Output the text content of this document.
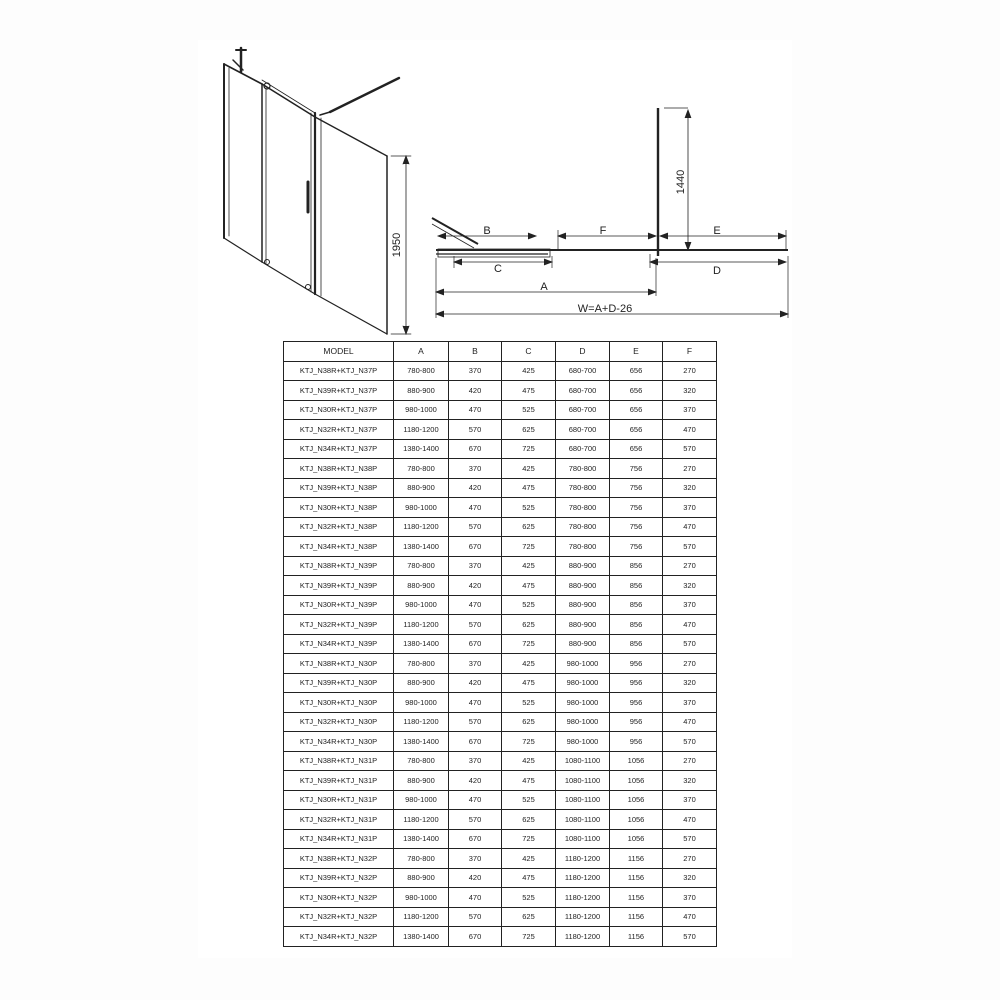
1950
1440
B
C
F	E
D
A
W=A+D-26
MODEL	A	B	C	D	E	F
KTJ_N38R+KTJ_N37P	780-800	370	425	680-700	656	270
KTJ_N39R+KTJ_N37P	880-900	420	475	680-700	656	320
KTJ_N30R+KTJ_N37P	980-1000	470	525	680-700	656	370
KTJ_N32R+KTJ_N37P	1180-1200	570	625	680-700	656	470
KTJ_N34R+KTJ_N37P	1380-1400	670	725	680-700	656	570
KTJ_N38R+KTJ_N38P	780-800	370	425	780-800	756	270
KTJ_N39R+KTJ_N38P	880-900	420	475	780-800	756	320
KTJ_N30R+KTJ_N38P	980-1000	470	525	780-800	756	370
KTJ_N32R+KTJ_N38P	1180-1200	570	625	780-800	756	470
KTJ_N34R+KTJ_N38P	1380-1400	670	725	780-800	756	570
KTJ_N38R+KTJ_N39P	780-800	370	425	880-900	856	270
KTJ_N39R+KTJ_N39P	880-900	420	475	880-900	856	320
KTJ_N30R+KTJ_N39P	980-1000	470	525	880-900	856	370
KTJ_N32R+KTJ_N39P	1180-1200	570	625	880-900	856	470
KTJ_N34R+KTJ_N39P	1380-1400	670	725	880-900	856	570
KTJ_N38R+KTJ_N30P	780-800	370	425	980-1000	956	270
KTJ_N39R+KTJ_N30P	880-900	420	475	980-1000	956	320
KTJ_N30R+KTJ_N30P	980-1000	470	525	980-1000	956	370
KTJ_N32R+KTJ_N30P	1180-1200	570	625	980-1000	956	470
KTJ_N34R+KTJ_N30P	1380-1400	670	725	980-1000	956	570
KTJ_N38R+KTJ_N31P	780-800	370	425	1080-1100	1056	270
KTJ_N39R+KTJ_N31P	880-900	420	475	1080-1100	1056	320
KTJ_N30R+KTJ_N31P	980-1000	470	525	1080-1100	1056	370
KTJ_N32R+KTJ_N31P	1180-1200	570	625	1080-1100	1056	470
KTJ_N34R+KTJ_N31P	1380-1400	670	725	1080-1100	1056	570
KTJ_N38R+KTJ_N32P	780-800	370	425	1180-1200	1156	270
KTJ_N39R+KTJ_N32P	880-900	420	475	1180-1200	1156	320
KTJ_N30R+KTJ_N32P	980-1000	470	525	1180-1200	1156	370
KTJ_N32R+KTJ_N32P	1180-1200	570	625	1180-1200	1156	470
KTJ_N34R+KTJ_N32P	1380-1400	670	725	1180-1200	1156	570
